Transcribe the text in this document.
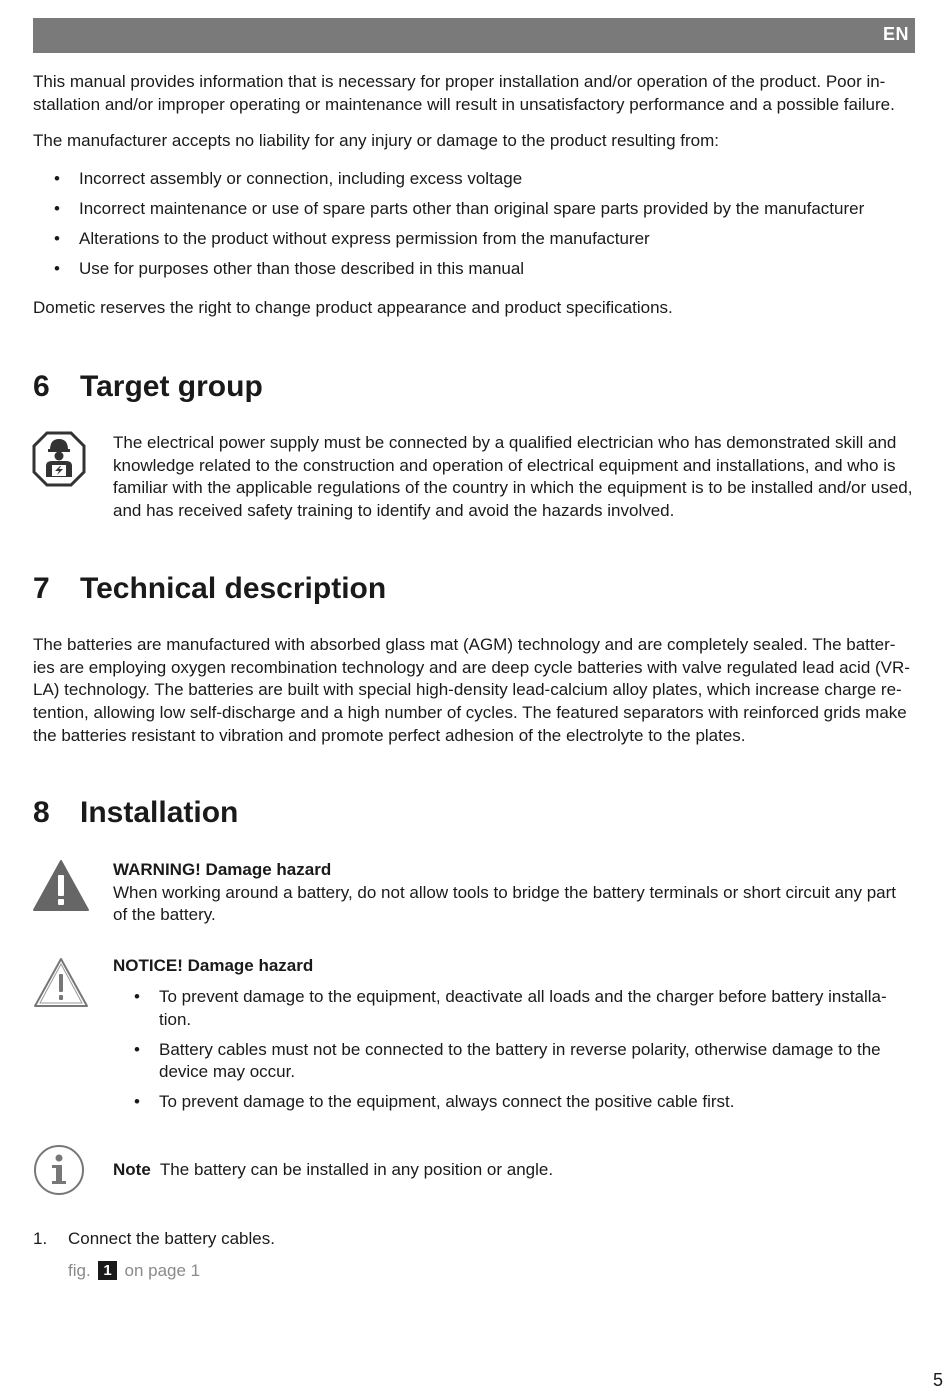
EN

This manual provides information that is necessary for proper installation and/or operation of the product. Poor in-stallation and/or improper operating or maintenance will result in unsatisfactory performance and a possible failure.

The manufacturer accepts no liability for any injury or damage to the product resulting from:

• Incorrect assembly or connection, including excess voltage
• Incorrect maintenance or use of spare parts other than original spare parts provided by the manufacturer
• Alterations to the product without express permission from the manufacturer
• Use for purposes other than those described in this manual

Dometic reserves the right to change product appearance and product specifications.

6 Target group

The electrical power supply must be connected by a qualified electrician who has demonstrated skill and knowledge related to the construction and operation of electrical equipment and installations, and who is familiar with the applicable regulations of the country in which the equipment is to be installed and/or used, and has received safety training to identify and avoid the hazards involved.

7 Technical description

The batteries are manufactured with absorbed glass mat (AGM) technology and are completely sealed. The batter-ies are employing oxygen recombination technology and are deep cycle batteries with valve regulated lead acid (VR-LA) technology. The batteries are built with special high-density lead-calcium alloy plates, which increase charge re-tention, allowing low self-discharge and a high number of cycles. The featured separators with reinforced grids make the batteries resistant to vibration and promote perfect adhesion of the electrolyte to the plates.

8 Installation
WARNING! Damage hazard
When working around a battery, do not allow tools to bridge the battery terminals or short circuit any part of the battery.
NOTICE! Damage hazard
• To prevent damage to the equipment, deactivate all loads and the charger before battery installa-tion.
• Battery cables must not be connected to the battery in reverse polarity, otherwise damage to the device may occur.
• To prevent damage to the equipment, always connect the positive cable first.
Note The battery can be installed in any position or angle.
1. Connect the battery cables.
fig. 1 on page 1
5
